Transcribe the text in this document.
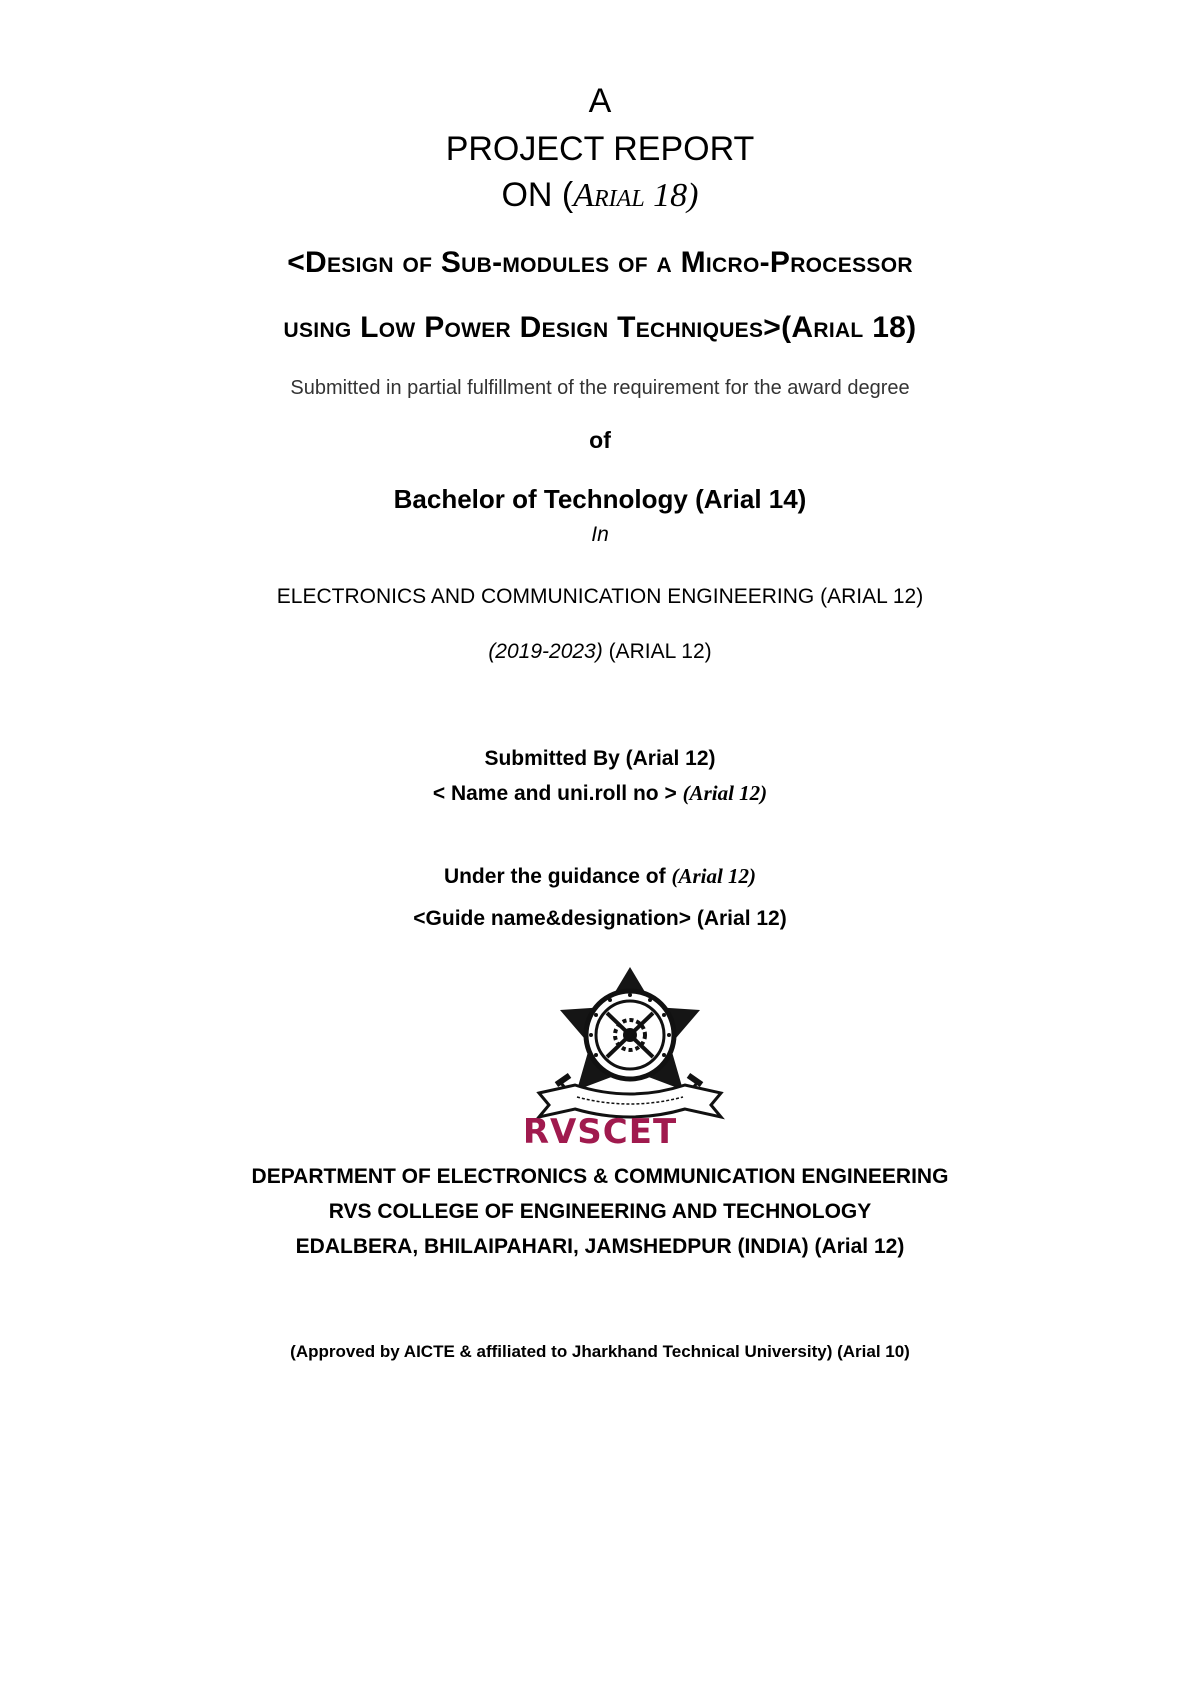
A
PROJECT REPORT
ON (Arial 18)
<Design of Sub-modules of a Micro-Processor
using Low Power Design Techniques>(Arial 18)
Submitted in partial fulfillment of the requirement for the award degree
of
Bachelor of Technology (Arial 14)
In
ELECTRONICS AND COMMUNICATION ENGINEERING (ARIAL 12)
(2019-2023) (ARIAL 12)
Submitted By (Arial 12)
< Name and uni.roll no > (Arial 12)
Under the guidance of (Arial 12)
<Guide name&designation> (Arial 12)
RVSCET
DEPARTMENT OF ELECTRONICS & COMMUNICATION ENGINEERING
RVS COLLEGE OF ENGINEERING AND TECHNOLOGY
EDALBERA, BHILAIPAHARI, JAMSHEDPUR (INDIA) (Arial 12)
(Approved by AICTE & affiliated to Jharkhand Technical University) (Arial 10)
